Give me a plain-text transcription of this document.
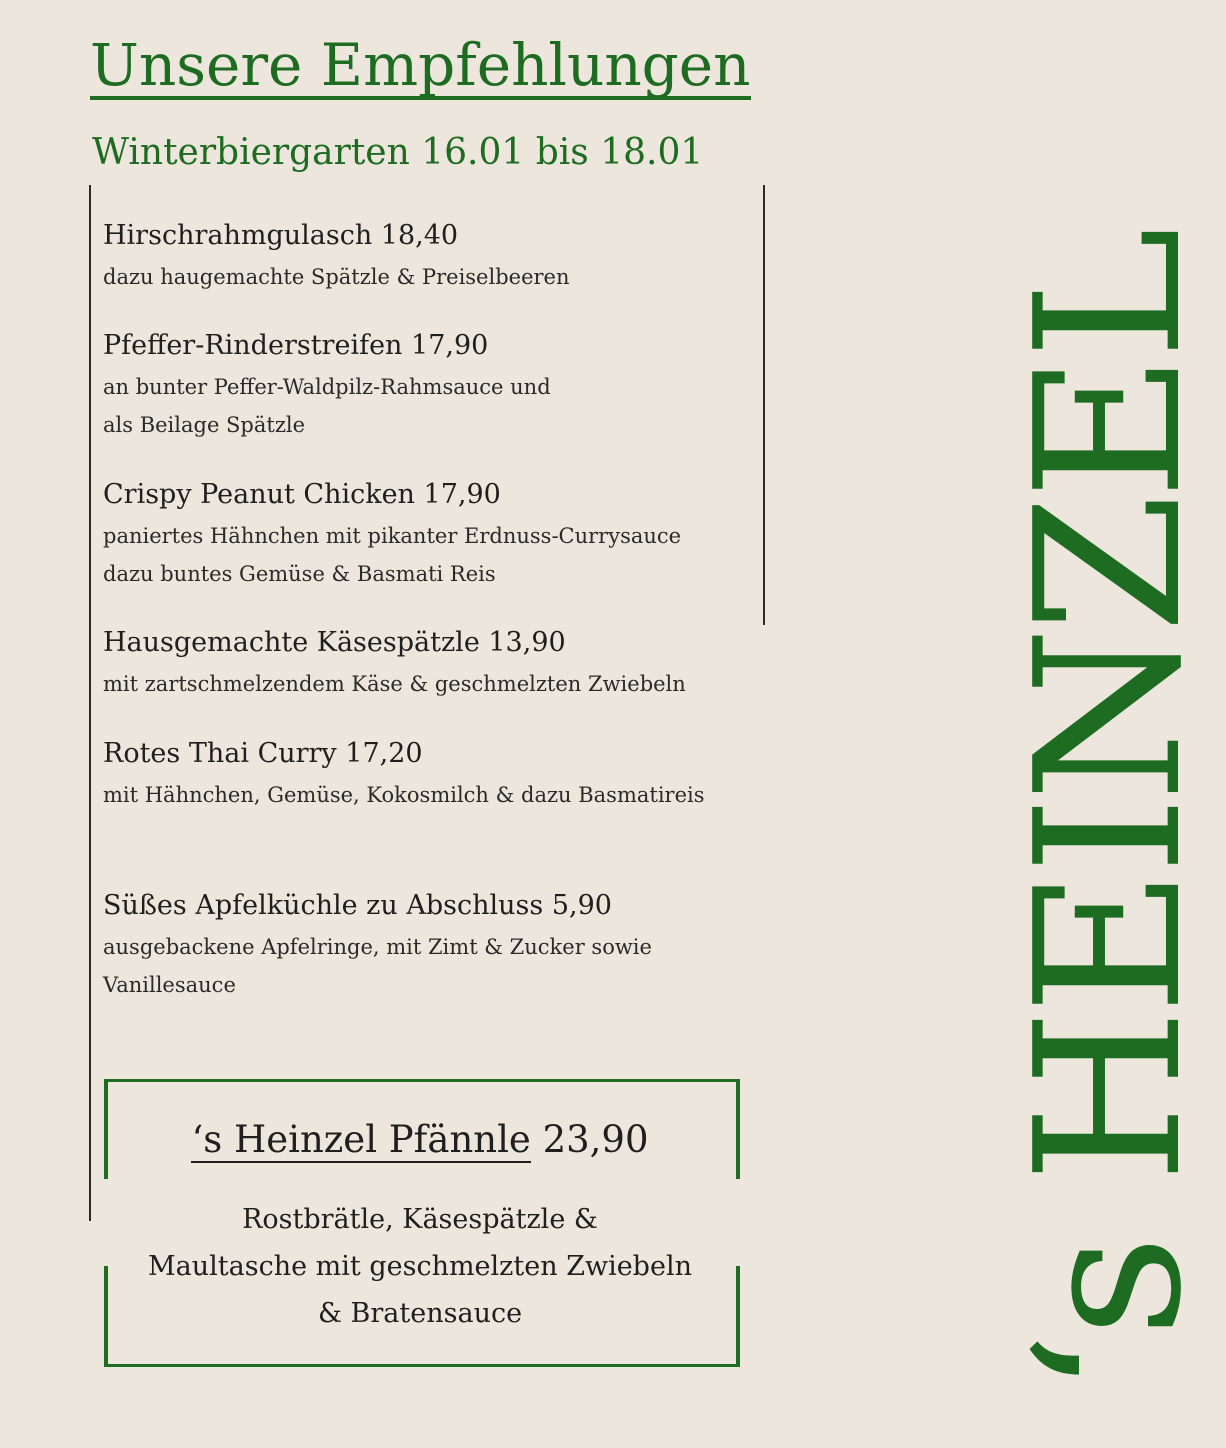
Unsere Empfehlungen
Winterbiergarten 16.01 bis 18.01
Hirschrahmgulasch 18,40
dazu haugemachte Spätzle & Preiselbeeren
Pfeffer-Rinderstreifen 17,90
an bunter Peffer-Waldpilz-Rahmsauce und
als Beilage Spätzle
Crispy Peanut Chicken 17,90
paniertes Hähnchen mit pikanter Erdnuss-Currysauce
dazu buntes Gemüse & Basmati Reis
Hausgemachte Käsespätzle 13,90
mit zartschmelzendem Käse & geschmelzten Zwiebeln
Rotes Thai Curry 17,20
mit Hähnchen, Gemüse, Kokosmilch & dazu Basmatireis
Süßes Apfelküchle zu Abschluss 5,90
ausgebackene Apfelringe, mit Zimt & Zucker sowie
Vanillesauce
‘s Heinzel Pfännle 23,90
Rostbrätle, Käsespätzle &
Maultasche mit geschmelzten Zwiebeln
& Bratensauce	‘s HEINZEL
